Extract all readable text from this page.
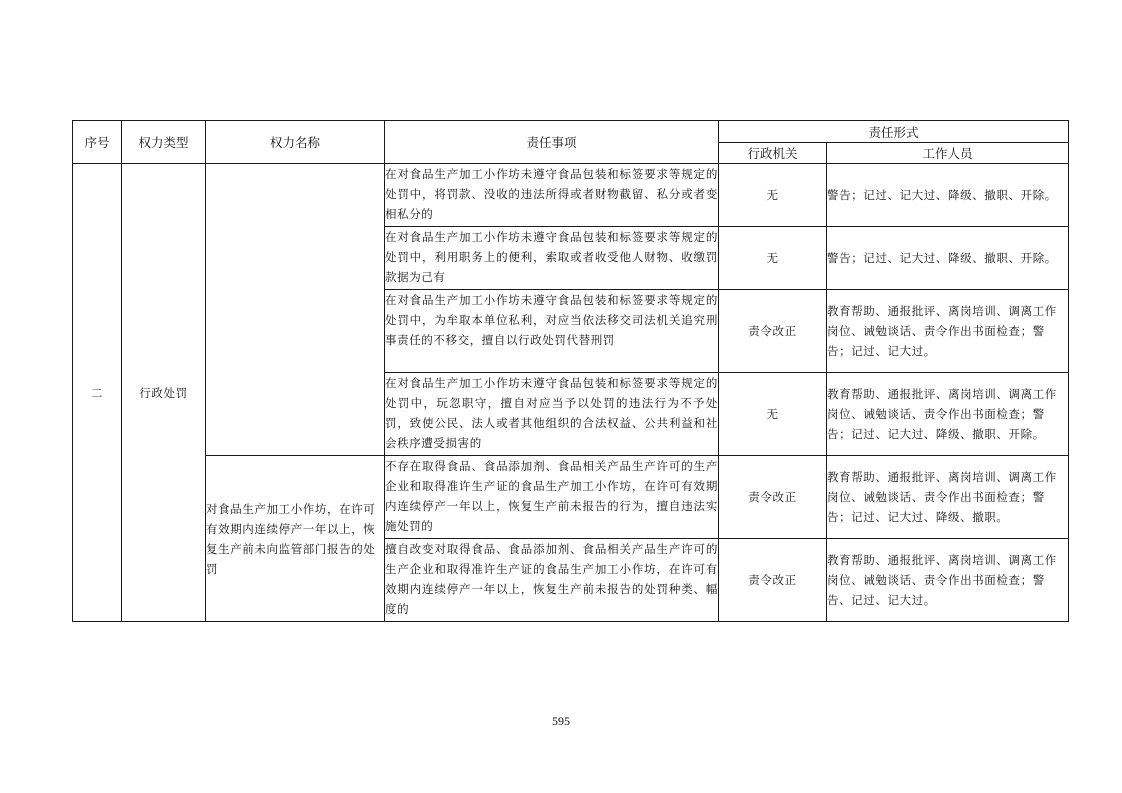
序号	权力类型	权力名称	责任事项	责任形式	
				行政机关	工作人员
二	行政处罚		在对食品生产加工小作坊未遵守食品包装和标签要求等规定的处罚中，将罚款、没收的违法所得或者财物截留、私分或者变相私分的	无	警告；记过、记大过、降级、撤职、开除。
			在对食品生产加工小作坊未遵守食品包装和标签要求等规定的处罚中，利用职务上的便利，索取或者收受他人财物、收缴罚款据为己有	无	警告；记过、记大过、降级、撤职、开除。
			在对食品生产加工小作坊未遵守食品包装和标签要求等规定的处罚中，为牟取本单位私利，对应当依法移交司法机关追究刑事责任的不移交，擅自以行政处罚代替刑罚	责令改正	教育帮助、通报批评、离岗培训、调离工作岗位、诫勉谈话、责令作出书面检查；警告；记过、记大过。
			在对食品生产加工小作坊未遵守食品包装和标签要求等规定的处罚中，玩忽职守，擅自对应当予以处罚的违法行为不予处罚，致使公民、法人或者其他组织的合法权益、公共利益和社会秩序遭受损害的	无	教育帮助、通报批评、离岗培训、调离工作岗位、诫勉谈话、责令作出书面检查；警告；记过、记大过、降级、撤职、开除。
		对食品生产加工小作坊，在许可有效期内连续停产一年以上，恢复生产前未向监管部门报告的处罚	不存在取得食品、食品添加剂、食品相关产品生产许可的生产企业和取得准许生产证的食品生产加工小作坊，在许可有效期内连续停产一年以上，恢复生产前未报告的行为，擅自违法实施处罚的	责令改正	教育帮助、通报批评、离岗培训、调离工作岗位、诫勉谈话、责令作出书面检查；警告；记过、记大过、降级、撤职。
			擅自改变对取得食品、食品添加剂、食品相关产品生产许可的生产企业和取得准许生产证的食品生产加工小作坊，在许可有效期内连续停产一年以上，恢复生产前未报告的处罚种类、幅度的	责令改正	教育帮助、通报批评、离岗培训、调离工作岗位、诫勉谈话、责令作出书面检查；警告、记过、记大过。
595
